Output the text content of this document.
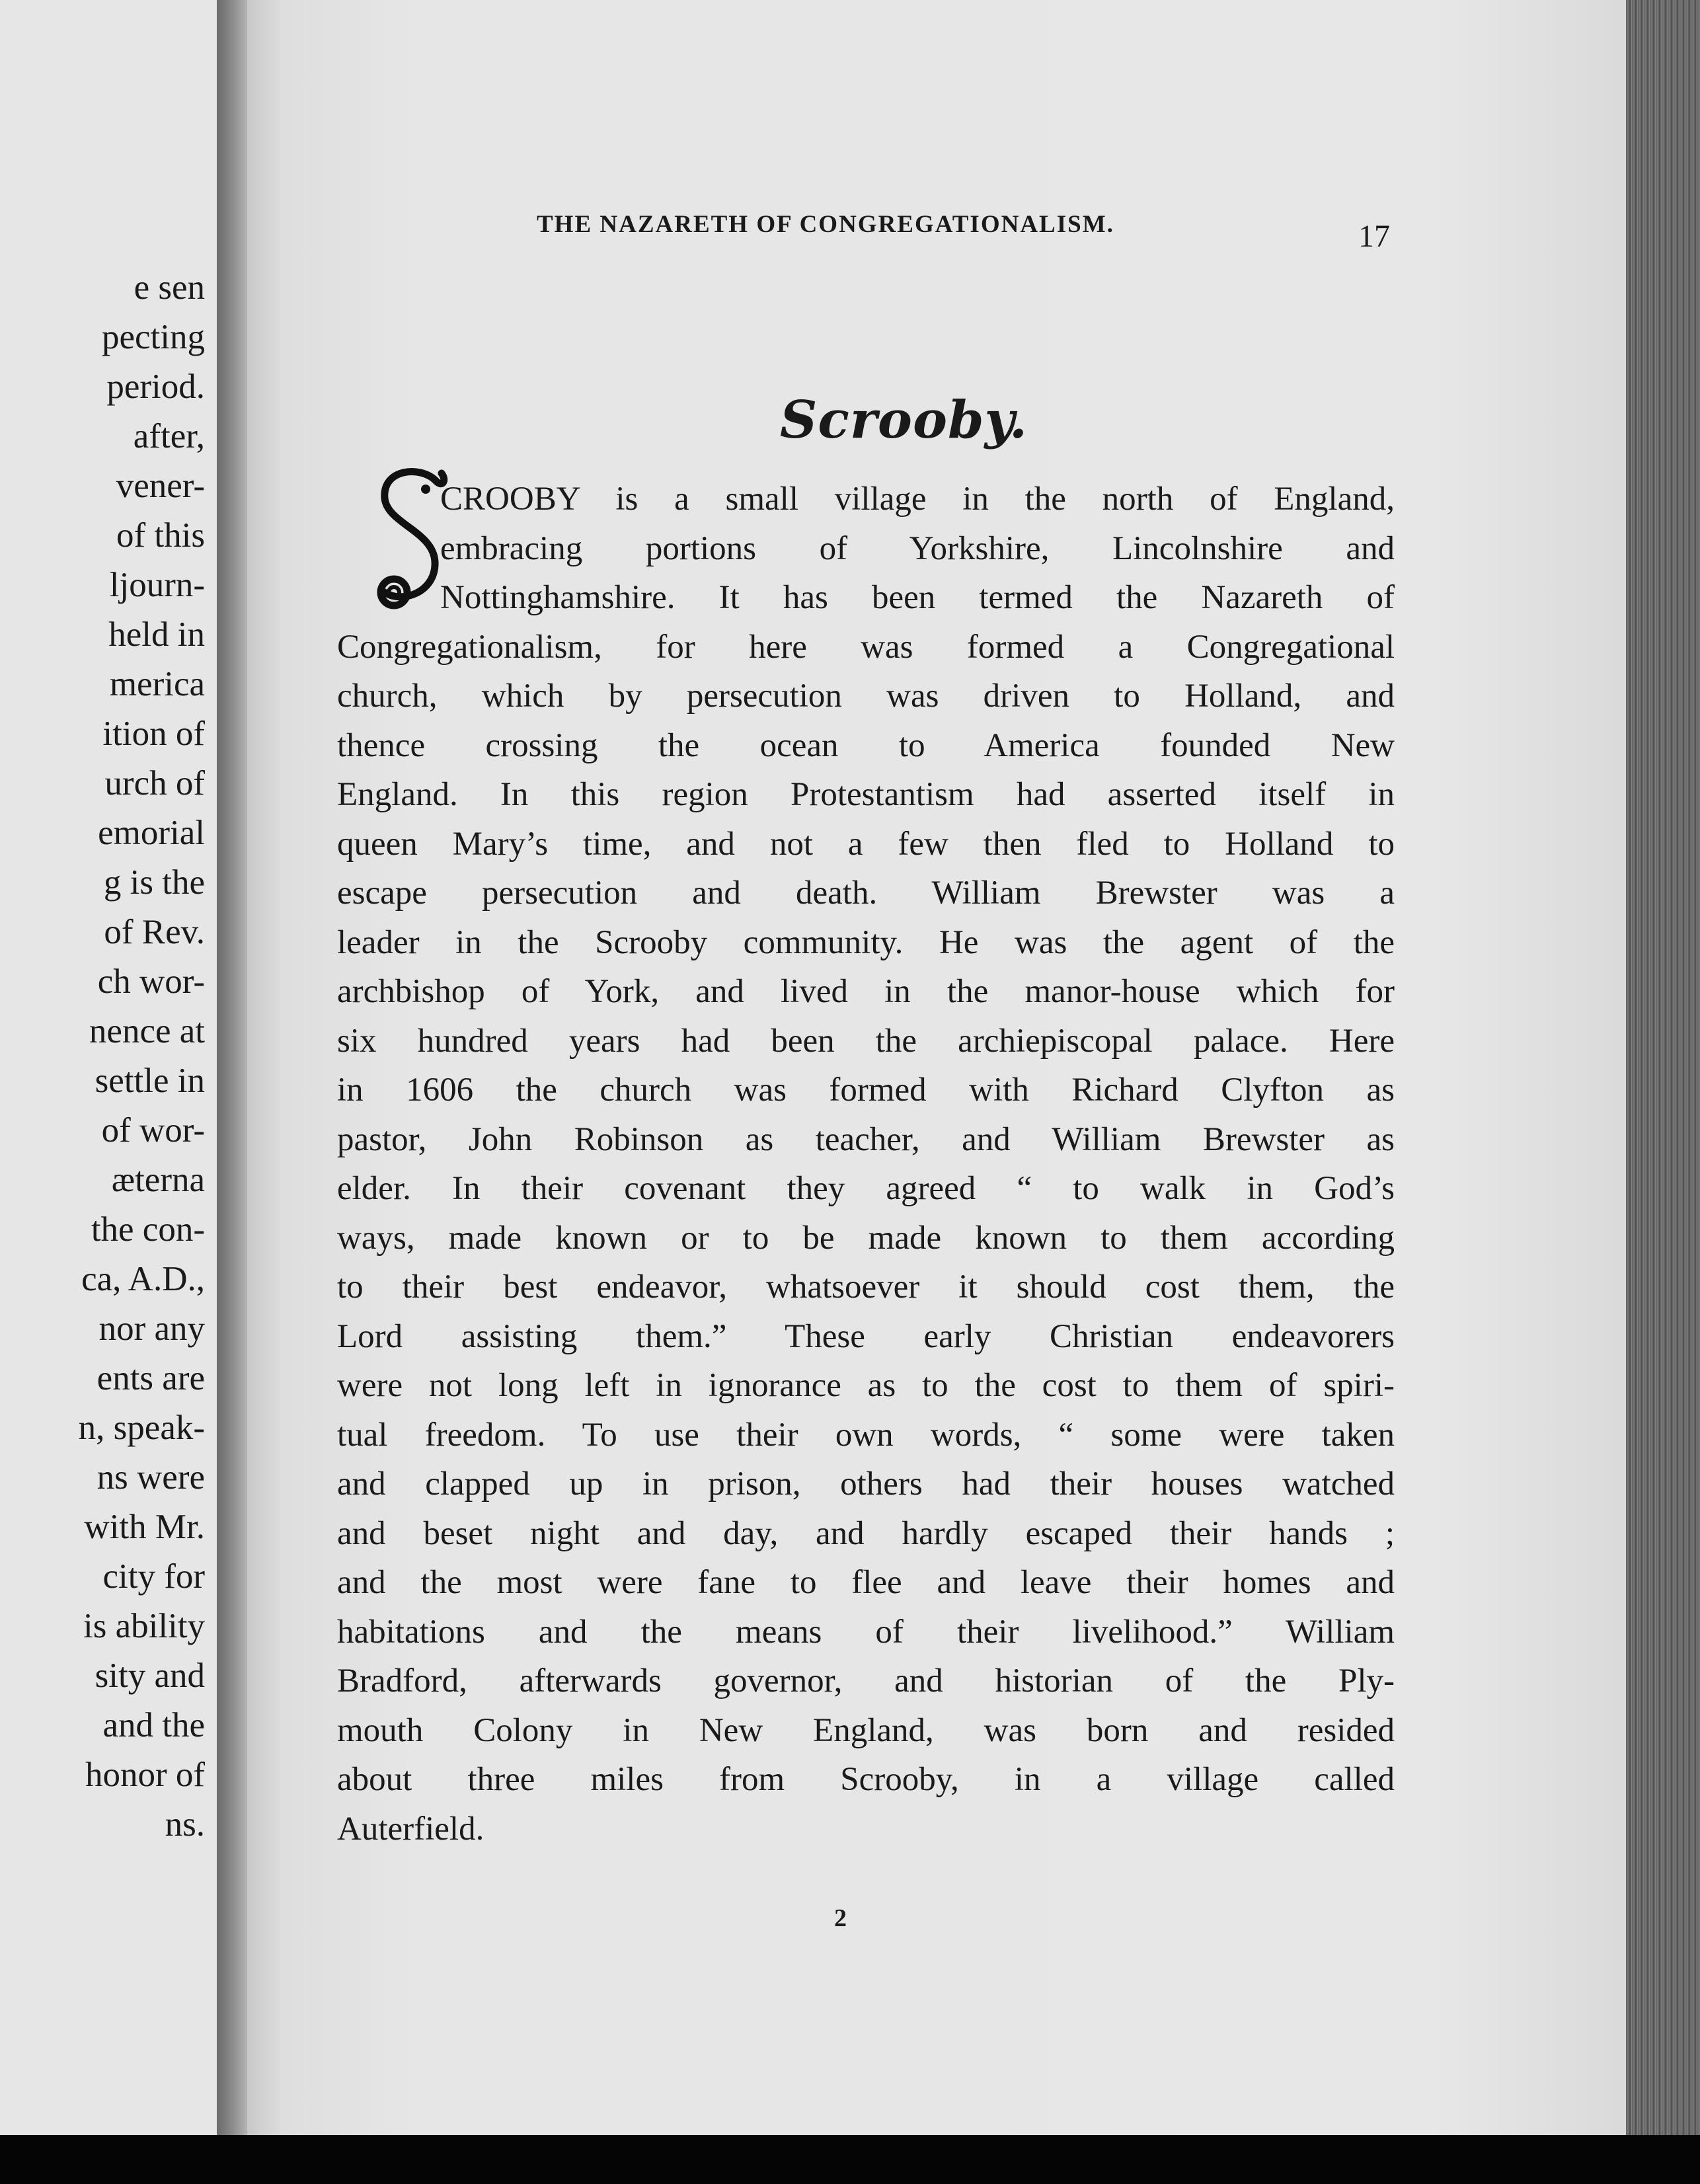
e sen
pecting
period.
after,
vener-
of this
ljourn-
held in
merica
ition of
urch of
emorial
g is the
of Rev.
ch wor-
nence at
settle in
of wor-
æterna
the con-
ca, A.D.,
nor any
ents are
n, speak-
ns were
with Mr.
city for
is ability
sity and
and the
honor of
ns.
THE NAZARETH OF CONGREGATIONALISM.	17
Scrooby.
CROOBY is a small village in the north of England,
embracing portions of Yorkshire, Lincolnshire and
Nottinghamshire. It has been termed the Nazareth of
Congregationalism, for here was formed a Congregational
church, which by persecution was driven to Holland, and
thence crossing the ocean to America founded New
England. In this region Protestantism had asserted itself in
queen Mary’s time, and not a few then fled to Holland to
escape persecution and death. William Brewster was a
leader in the Scrooby community. He was the agent of the
archbishop of York, and lived in the manor-house which for
six hundred years had been the archiepiscopal palace. Here
in 1606 the church was formed with Richard Clyfton as
pastor, John Robinson as teacher, and William Brewster as
elder. In their covenant they agreed “ to walk in God’s
ways, made known or to be made known to them according
to their best endeavor, whatsoever it should cost them, the
Lord assisting them.” These early Christian endeavorers
were not long left in ignorance as to the cost to them of spiri-
tual freedom. To use their own words, “ some were taken
and clapped up in prison, others had their houses watched
and beset night and day, and hardly escaped their hands ;
and the most were fane to flee and leave their homes and
habitations and the means of their livelihood.” William
Bradford, afterwards governor, and historian of the Ply-
mouth Colony in New England, was born and resided
about three miles from Scrooby, in a village called
Auterfield.
2
